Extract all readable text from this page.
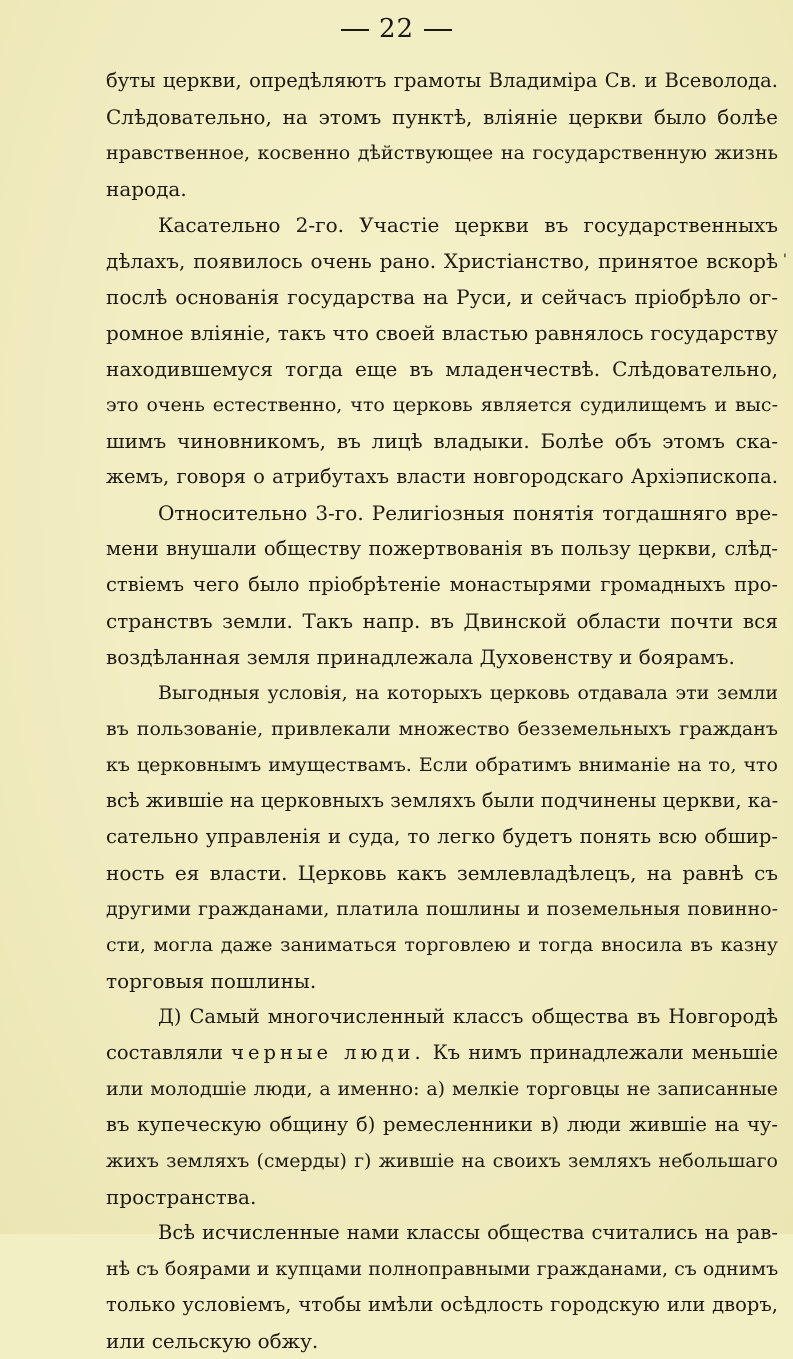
22
буты церкви, опредѣляютъ грамоты Владиміра Св. и Всеволода.
Слѣдовательно, на этомъ пунктѣ, вліяніе церкви было болѣе
нравственное, косвенно дѣйствующее на государственную жизнь
народа.
Касательно 2-го. Участіе церкви въ государственныхъ
дѣлахъ, появилось очень рано. Христіанство, принятое вскорѣ
послѣ основанія государства на Руси, и сейчасъ пріобрѣло ог-
ромное вліяніе, такъ что своей властью равнялось государству
находившемуся тогда еще въ младенчествѣ. Слѣдовательно,
это очень естественно, что церковь является судилищемъ и выс-
шимъ чиновникомъ, въ лицѣ владыки. Болѣе объ этомъ ска-
жемъ, говоря о атрибутахъ власти новгородскаго Архіэпископа.
Относительно 3-го. Религіозныя понятія тогдашняго вре-
мени внушали обществу пожертвованія въ пользу церкви, слѣд-
ствіемъ чего было пріобрѣтеніе монастырями громадныхъ про-
странствъ земли. Такъ напр. въ Двинской области почти вся
воздѣланная земля принадлежала Духовенству и боярамъ.
Выгодныя условія, на которыхъ церковь отдавала эти земли
въ пользованіе, привлекали множество безземельныхъ гражданъ
къ церковнымъ имуществамъ. Если обратимъ вниманіе на то, что
всѣ жившіе на церковныхъ земляхъ были подчинены церкви, ка-
сательно управленія и суда, то легко будетъ понять всю обшир-
ность ея власти. Церковь какъ землевладѣлецъ, на равнѣ съ
другими гражданами, платила пошлины и поземельныя повинно-
сти, могла даже заниматься торговлею и тогда вносила въ казну
торговыя пошлины.
Д) Самый многочисленный классъ общества въ Новгородѣ
составляли черные люди. Къ нимъ принадлежали меньшіе
или молодшіе люди, а именно: а) мелкіе торговцы не записанные
въ купеческую общину б) ремесленники в) люди жившіе на чу-
жихъ земляхъ (смерды) г) жившіе на своихъ земляхъ небольшаго
пространства.
Всѣ исчисленные нами классы общества считались на рав-
нѣ съ боярами и купцами полноправными гражданами, съ однимъ
только условіемъ, чтобы имѣли осѣдлость городскую или дворъ,
или сельскую обжу.
'
